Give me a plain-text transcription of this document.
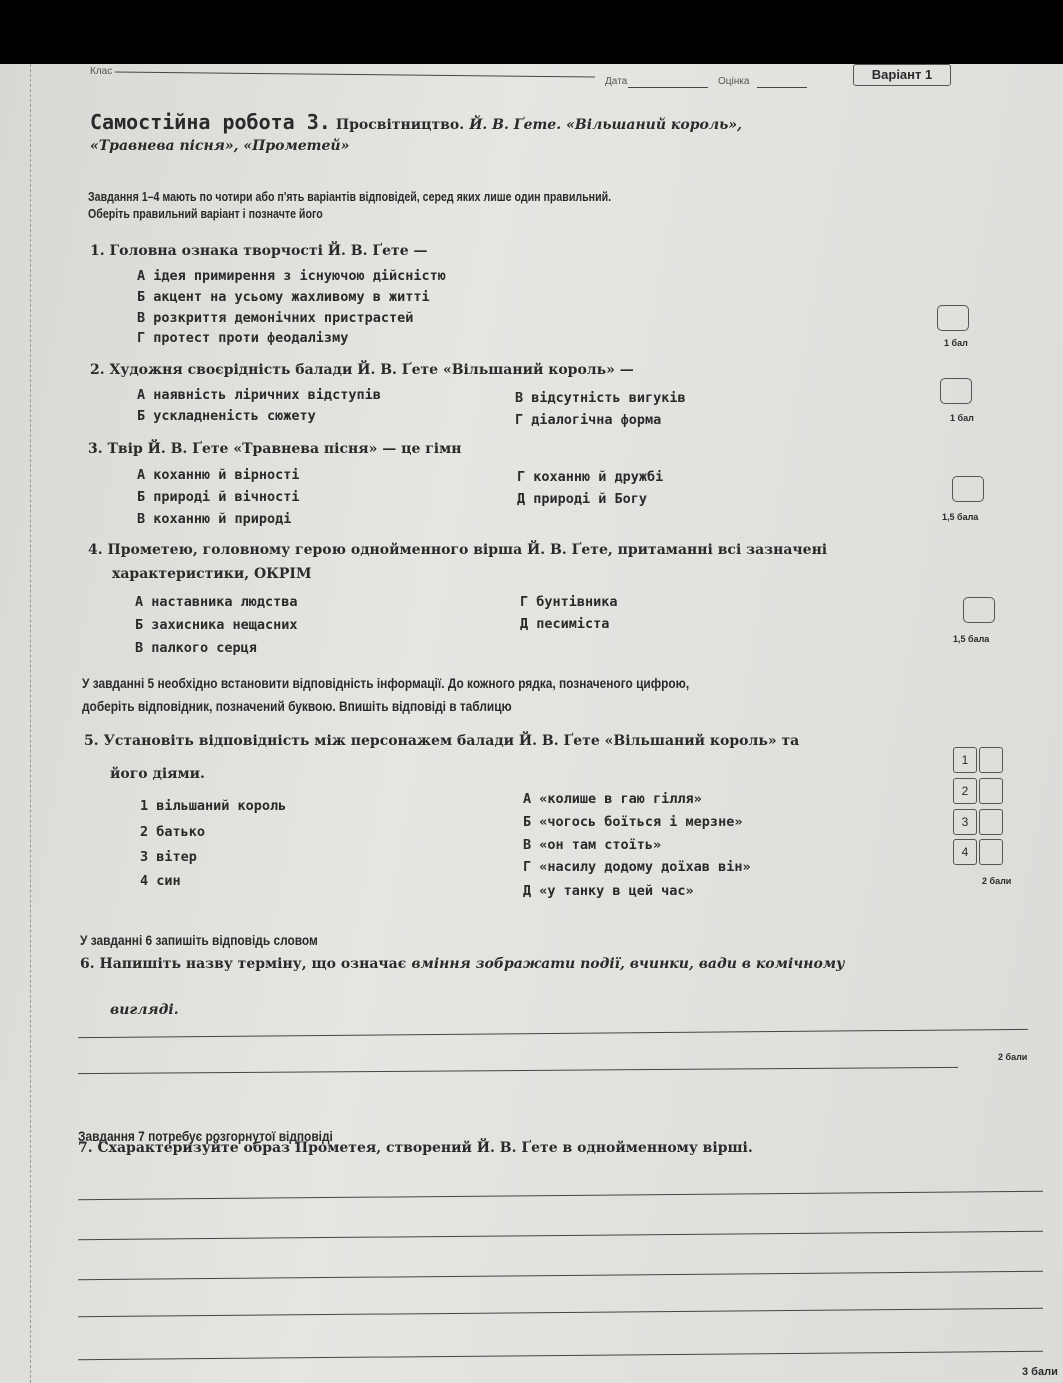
Клас
Дата	Оцінка	Варіант 1
Самостійна робота 3. Просвітництво. Й. В. Ґете. «Вільшаний король»,
«Травнева пісня», «Прометей»
Завдання 1–4 мають по чотири або п'ять варіантів відповідей, серед яких лише один правильний.
Оберіть правильний варіант і позначте його
1. Головна ознака творчості Й. В. Ґете —
А ідея примирення з існуючою дійсністю
Б акцент на усьому жахливому в житті
В розкриття демонічних пристрастей
Г протест проти феодалізму	1 бал
2. Художня своєрідність балади Й. В. Ґете «Вільшаний король» —
А наявність ліричних відступів
Б ускладненість сюжету
В відсутність вигуків
Г діалогічна форма	1 бал
3. Твір Й. В. Ґете «Травнева пісня» — це гімн
А коханню й вірності
Б природі й вічності
В коханню й природі
Г коханню й дружбі
Д природі й Богу
1,5 бала
4. Прометею, головному герою однойменного вірша Й. В. Ґете, притаманні всі зазначені
характеристики, ОКРІМ
А наставника людства
Б захисника нещасних
В палкого серця
Г бунтівника
Д песиміста
1,5 бала
У завданні 5 необхідно встановити відповідність інформації. До кожного рядка, позначеного цифрою,
доберіть відповідник, позначений буквою. Впишіть відповіді в таблицю
5. Установіть відповідність між персонажем балади Й. В. Ґете «Вільшаний король» та
його діями.
1 вільшаний король
2 батько
3 вітер
4 син
А «колише в гаю гілля»
Б «чогось боїться і мерзне»
В «он там стоїть»
Г «насилу додому доїхав він»
Д «у танку в цей час»
1
2
3
4
2 бали
У завданні 6 запишіть відповідь словом
6. Напишіть назву терміну, що означає вміння зображати події, вчинки, вади в комічному
вигляді.
2 бали
Завдання 7 потребує розгорнутої відповіді
7. Схарактеризуйте образ Прометея, створений Й. В. Ґете в однойменному вірші.
3 бали
